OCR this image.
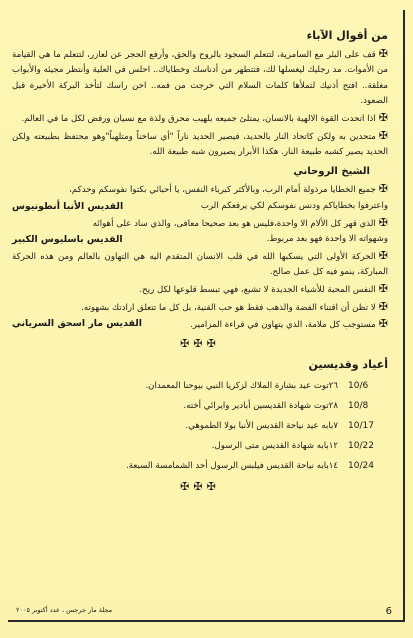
من أقوال الآباء

✠قف على البئر مع السامرية، لتتعلم السجود بالروح والحق، وأرفع الحجر عن لعازر، لتتعلم ما هي القيامة من الأموات. مد رجليك ليغسلها لك، فتتطهر من أدناسك وخطاياك.. احلس في العلية وأنتظر مجيئه والأبواب مغلقة.. افتح أذنيك لتملأها كلمات السلام التي خرجت من فمه.. احن راسك لتأخذ البركة الأخيرة قبل الصعود.

✠اذا اتحدت القوة الالهية بالانسان، يمتلئ جميعه بلهيب محرق ولذة مع نسيان ورفض لكل ما في العالم.

✠متحدين به ولكن كاتحاد النار بالحديد، فيصير الحديد ناراً "أي ساخناً ومتلهباً"وهو محتفظ بطبيعته ولكن الحديد يصير كشبه طبيعة النار. هكذا الأبرار يصيرون شبه طبيعة الله.

الشيخ الروحاني

✠جميع الخطايا مرذولة أمام الرب، وبالأكثر كبرياء النفس، يا أحبائي بكتوا نفوسكم وحدكم،

واعترفوا بخطاياكم ودنس نفوسكم لكي يرفعكم الرب
القديس الأنبا أنطونيوس

✠الذي قهر كل الألام الا واحدة،فليس هو بعد صحيحا معافى، والذي ساد على أهوائه

وشهواته الا واحدة فهو بعد مربوط.
القديس باسليوس الكبير

✠الحركة الأولى التي يسكبها الله في قلب الانسان المتقدم اليه هي التهاون بالعالم ومن هذه الحركة المباركة، ينمو فيه كل عمل صالح.

✠النفس المحبة للأشياء الجديدة لا تشبع، فهي تبسط قلوعها لكل ريح.

✠لا تظن أن اقتناء الفضة والذهب فقط هو حب القنية، بل كل ما تتعلق ارادتك بشهوته.

✠مستوجب كل ملامة، الذي يتهاون في قراءة المزامير.
القديس مار اسحق السرياني
✠✠✠
أعياد وقديسين
10/6
٢٦توت عيد بشارة الملاك لزكريا النبي بيوحنا المعمدان.
10/8
٢٨توت شهادة القديسين أبادير وايرائي أخته.
10/17
٧بابه عيد نياحة القديس الأنبا بولا الطموهي.
10/22
١٢بابه شهادة القديس متى الرسول.
10/24
١٤بابه نياحة القديس فيلبس الرسول أحد الشمامسة السبعة.
✠✠✠
6
مجلة مار جرجس ، عدد أكتوبر ٢٠٠٥
